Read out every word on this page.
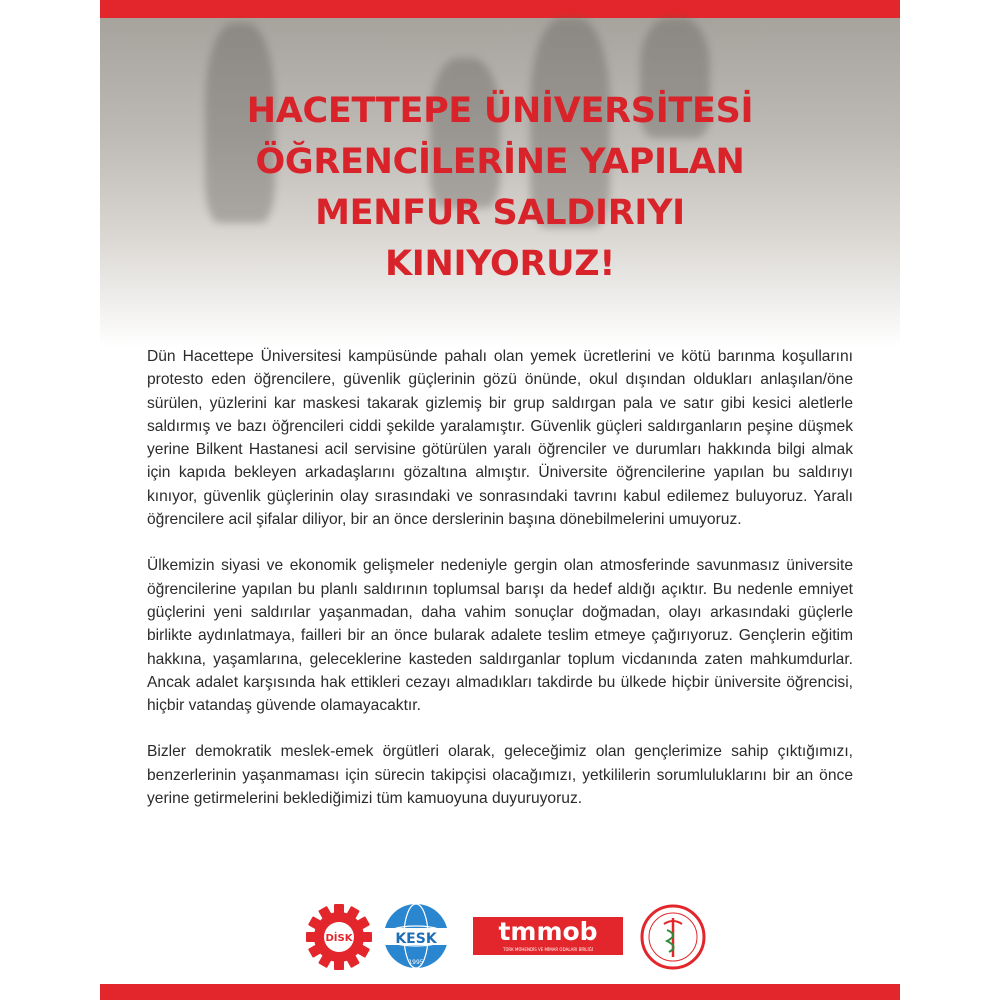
HACETTEPE ÜNİVERSİTESİ
ÖĞRENCİLERİNE YAPILAN
MENFUR SALDIRIYI
KINIYORUZ!

Dün Hacettepe Üniversitesi kampüsünde pahalı olan yemek ücretlerini ve kötü barınma koşullarını protesto eden öğrencilere, güvenlik güçlerinin gözü önünde, okul dışından oldukları anlaşılan/öne sürülen, yüzlerini kar maskesi takarak gizlemiş bir grup saldırgan pala ve satır gibi kesici aletlerle saldırmış ve bazı öğrencileri ciddi şekilde yaralamıştır. Güvenlik güçleri saldırganların peşine düşmek yerine Bilkent Hastanesi acil servisine götürülen yaralı öğrenciler ve durumları hakkında bilgi almak için kapıda bekleyen arkadaşlarını gözaltına almıştır. Üniversite öğrencilerine yapılan bu saldırıyı kınıyor, güvenlik güçlerinin olay sırasındaki ve sonrasındaki tavrını kabul edilemez buluyoruz. Yaralı öğrencilere acil şifalar diliyor, bir an önce derslerinin başına dönebilmelerini umuyoruz.

Ülkemizin siyasi ve ekonomik gelişmeler nedeniyle gergin olan atmosferinde savunmasız üniversite öğrencilerine yapılan bu planlı saldırının toplumsal barışı da hedef aldığı açıktır. Bu nedenle emniyet güçlerini yeni saldırılar yaşanmadan, daha vahim sonuçlar doğmadan, olayı arkasındaki güçlerle birlikte aydınlatmaya, failleri bir an önce bularak adalete teslim etmeye çağırıyoruz. Gençlerin eğitim hakkına, yaşamlarına, geleceklerine kasteden saldırganlar toplum vicdanında zaten mahkumdurlar. Ancak adalet karşısında hak ettikleri cezayı almadıkları takdirde bu ülkede hiçbir üniversite öğrencisi, hiçbir vatandaş güvende olamayacaktır.

Bizler demokratik meslek-emek örgütleri olarak, geleceğimiz olan gençlerimize sahip çıktığımızı, benzerlerinin yaşanmaması için sürecin takipçisi olacağımızı, yetkililerin sorumluluklarını bir an önce yerine getirmelerini beklediğimizi tüm kamuoyuna duyuruyoruz.

DİSK	KESK
1995
tmmob
TÜRK MÜHENDİS VE MİMAR ODALARI BİRLİĞİ
